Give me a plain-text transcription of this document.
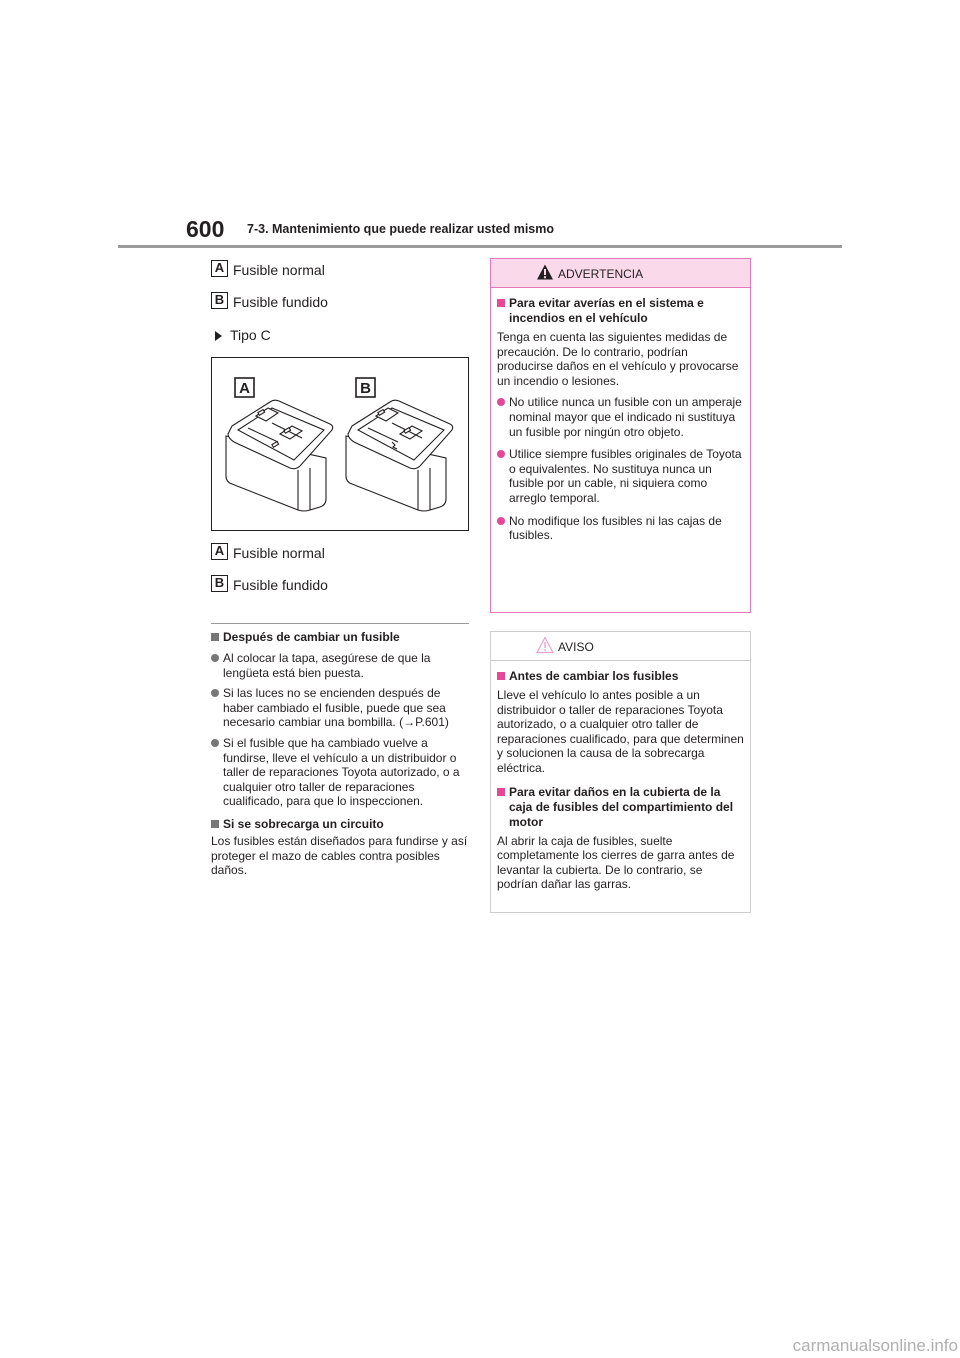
600 7-3. Mantenimiento que puede realizar usted mismo
A Fusible normal
B Fusible fundido
Tipo C
A	B
A Fusible normal
B Fusible fundido
Después de cambiar un fusible
Al colocar la tapa, asegúrese de que la lengüeta está bien puesta.
Si las luces no se encienden después de haber cambiado el fusible, puede que sea necesario cambiar una bombilla. (→P.601)
Si el fusible que ha cambiado vuelve a fundirse, lleve el vehículo a un distribuidor o taller de reparaciones Toyota autorizado, o a cualquier otro taller de reparaciones cualificado, para que lo inspeccionen.
Si se sobrecarga un circuito
Los fusibles están diseñados para fundirse y así proteger el mazo de cables contra posibles daños.
ADVERTENCIA
Para evitar averías en el sistema e incendios en el vehículo
Tenga en cuenta las siguientes medidas de precaución. De lo contrario, podrían producirse daños en el vehículo y provocarse un incendio o lesiones.
No utilice nunca un fusible con un amperaje nominal mayor que el indicado ni sustituya un fusible por ningún otro objeto.
Utilice siempre fusibles originales de Toyota o equivalentes. No sustituya nunca un fusible por un cable, ni siquiera como arreglo temporal.
No modifique los fusibles ni las cajas de fusibles.
AVISO
Antes de cambiar los fusibles
Lleve el vehículo lo antes posible a un distribuidor o taller de reparaciones Toyota autorizado, o a cualquier otro taller de reparaciones cualificado, para que determinen y solucionen la causa de la sobrecarga eléctrica.
Para evitar daños en la cubierta de la caja de fusibles del compartimiento del motor
Al abrir la caja de fusibles, suelte completamente los cierres de garra antes de levantar la cubierta. De lo contrario, se podrían dañar las garras.
carmanualsonline.info
